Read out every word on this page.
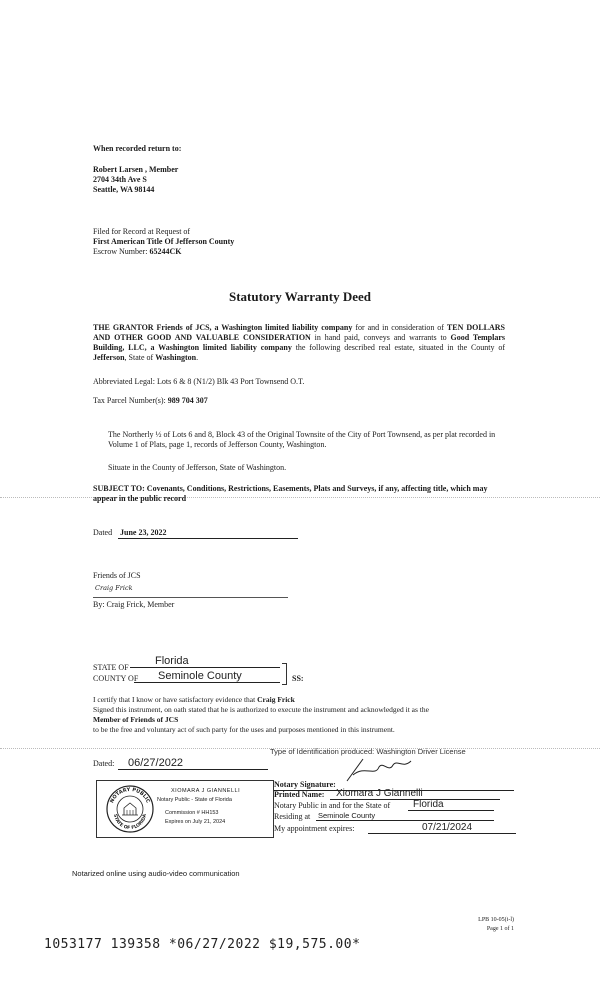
When recorded return to:
Robert Larsen , Member
2704 34th Ave S
Seattle, WA 98144
Filed for Record at Request of
First American Title Of Jefferson County
Escrow Number: 65244CK
Statutory Warranty Deed
THE GRANTOR Friends of JCS, a Washington limited liability company for and in consideration of TEN DOLLARS AND OTHER GOOD AND VALUABLE CONSIDERATION in hand paid, conveys and warrants to Good Templars Building, LLC, a Washington limited liability company the following described real estate, situated in the County of Jefferson, State of Washington.
Abbreviated Legal: Lots 6 & 8 (N1/2) Blk 43 Port Townsend O.T.
Tax Parcel Number(s): 989 704 307
The Northerly ½ of Lots 6 and 8, Block 43 of the Original Townsite of the City of Port Townsend, as per plat recorded in Volume 1 of Plats, page 1, records of Jefferson County, Washington.
Situate in the County of Jefferson, State of Washington.
SUBJECT TO: Covenants, Conditions, Restrictions, Easements, Plats and Surveys, if any, affecting title, which may appear in the public record
Dated June 23, 2022
Friends of JCS
Craig Frick
By: Craig Frick, Member
STATE OF
Florida
COUNTY OF	Seminole County	SS:
I certify that I know or have satisfactory evidence that Craig Frick
Signed this instrument, on oath stated that he is authorized to execute the instrument and acknowledged it as the
Member of Friends of JCS
to be the free and voluntary act of such party for the uses and purposes mentioned in this instrument.
Type of Identification produced: Washington Driver License
Dated:	06/27/2022
NOTARY PUBLIC
STATE OF FLORIDA
XIOMARA J GIANNELLI
Notary Public - State of Florida
Commission # HH153
Expires on July 21, 2024
Notary Signature:
Printed Name:	Xiomara J Giannelli
Notary Public in and for the State of	Florida
Residing at Seminole County
My appointment expires:	07/21/2024
Notarized online using audio-video communication
LPB 10-05(i-l)
Page 1 of 1
1053177 139358 *06/27/2022 $19,575.00*
